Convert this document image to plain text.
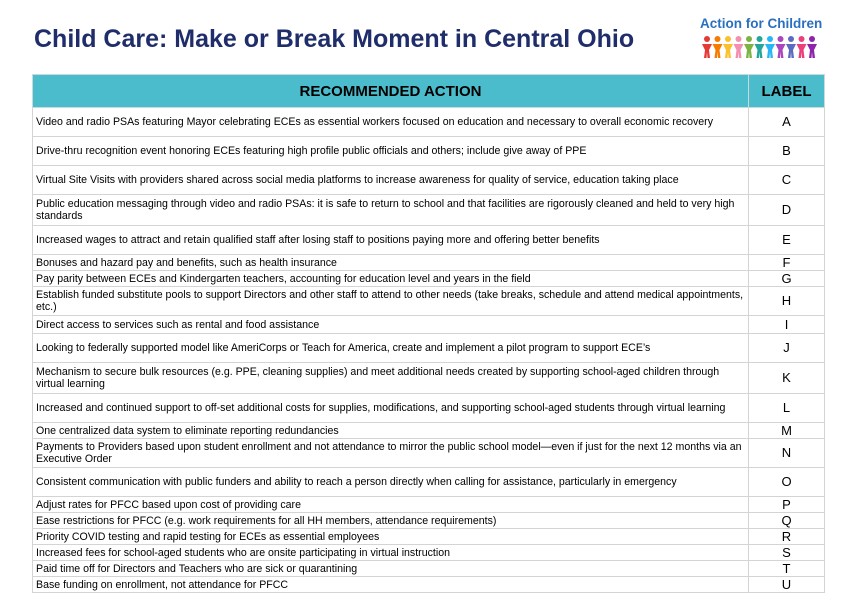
Child Care: Make or Break Moment in Central Ohio
Action for Children
RECOMMENDED ACTION	LABEL
Video and radio PSAs featuring Mayor celebrating ECEs as essential workers focused on education and necessary to overall economic recovery	A
Drive-thru recognition event honoring ECEs featuring high profile public officials and others; include give away of PPE	B
Virtual Site Visits with providers shared across social media platforms to increase awareness for quality of service, education taking place	C
Public education messaging through video and radio PSAs: it is safe to return to school and that facilities are rigorously cleaned and held to very high standards	D
Increased wages to attract and retain qualified staff after losing staff to positions paying more and offering better benefits	E
Bonuses and hazard pay and benefits, such as health insurance	F
Pay parity between ECEs and Kindergarten teachers, accounting for education level and years in the field	G
Establish funded substitute pools to support Directors and other staff to attend to other needs (take breaks, schedule and attend medical appointments, etc.)	H
Direct access to services such as rental and food assistance	I
Looking to federally supported model like AmeriCorps or Teach for America, create and implement a pilot program to support ECE’s	J
Mechanism to secure bulk resources (e.g. PPE, cleaning supplies) and meet additional needs created by supporting school-aged children through virtual learning	K
Increased and continued support to off-set additional costs for supplies, modifications, and supporting school-aged students through virtual learning	L
One centralized data system to eliminate reporting redundancies	M
Payments to Providers based upon student enrollment and not attendance to mirror the public school model—even if just for the next 12 months via an Executive Order	N
Consistent communication with public funders and ability to reach a person directly when calling for assistance, particularly in emergency	O
Adjust rates for PFCC based upon cost of providing care	P
Ease restrictions for PFCC (e.g. work requirements for all HH members, attendance requirements)	Q
Priority COVID testing and rapid testing for ECEs as essential employees	R
Increased fees for school-aged students who are onsite participating in virtual instruction	S
Paid time off for Directors and Teachers who are sick or quarantining	T
Base funding on enrollment, not attendance for PFCC	U
